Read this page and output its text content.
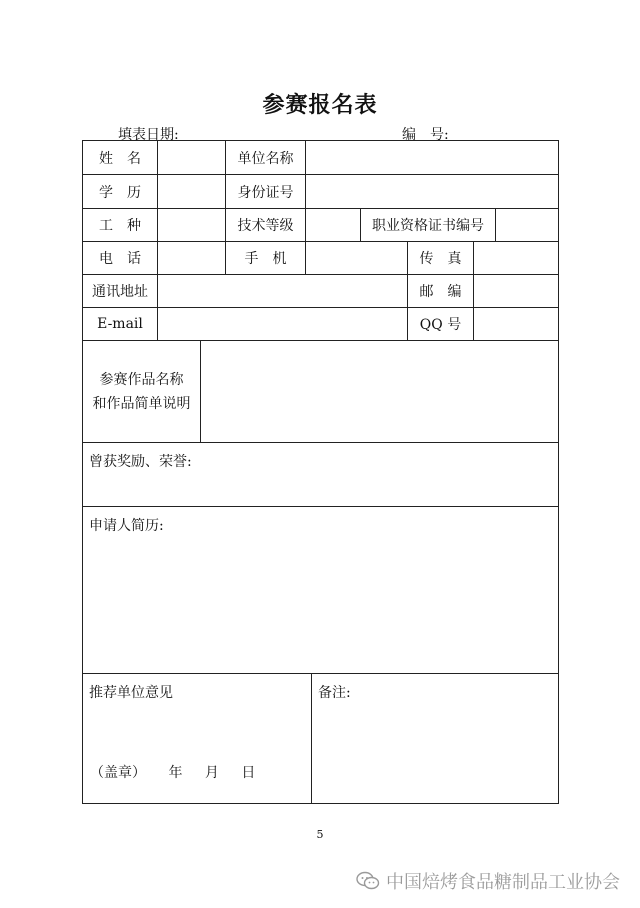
参赛报名表
填表日期:	编　号:
姓　名	单位名称
学　历	身份证号
工　种	技术等级	职业资格证书编号
电　话	手　机	传　真
通讯地址	邮　编
E-mail	QQ 号
参赛作品名称
和作品简单说明
曾获奖励、荣誉:
申请人简历:
推荐单位意见	备注:
（盖章） 年 月 日
5
中国焙烤食品糖制品工业协会
